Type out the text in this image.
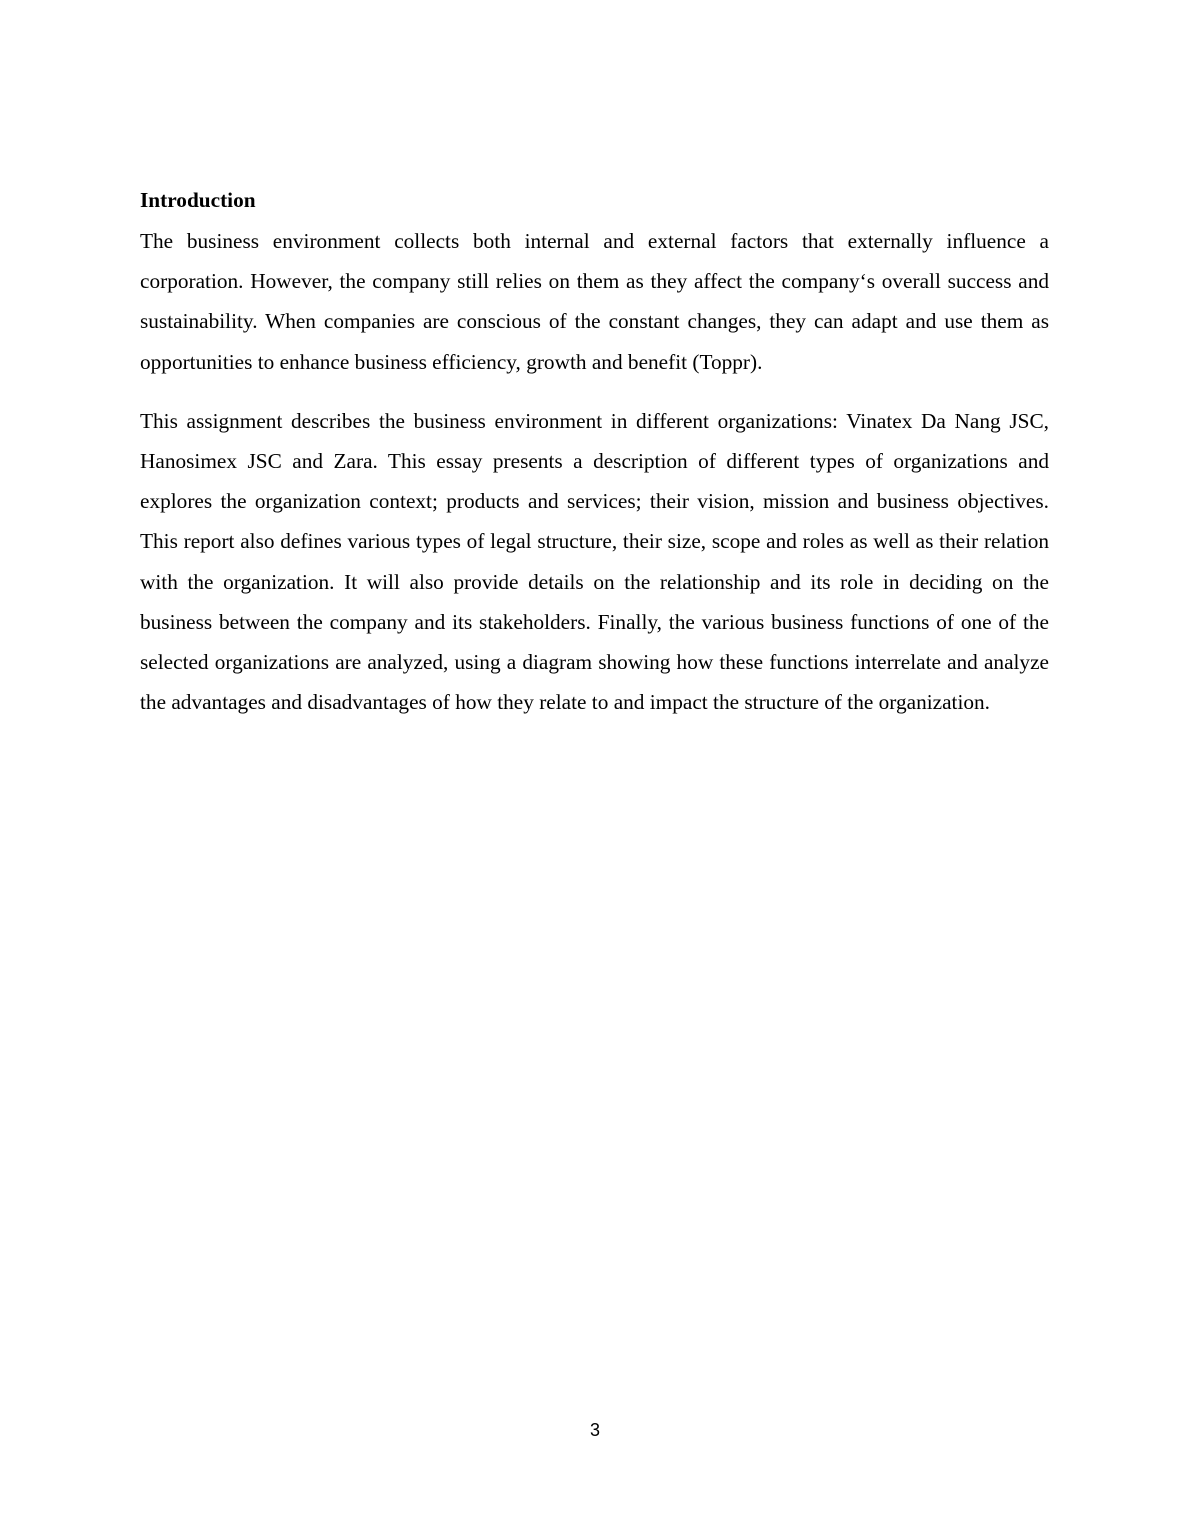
Introduction

The business environment collects both internal and external factors that externally influence a corporation. However, the company still relies on them as they affect the company‘s overall success and sustainability. When companies are conscious of the constant changes, they can adapt and use them as opportunities to enhance business efficiency, growth and benefit (Toppr).

This assignment describes the business environment in different organizations: Vinatex Da Nang JSC, Hanosimex JSC and Zara. This essay presents a description of different types of organizations and explores the organization context; products and services; their vision, mission and business objectives. This report also defines various types of legal structure, their size, scope and roles as well as their relation with the organization. It will also provide details on the relationship and its role in deciding on the business between the company and its stakeholders. Finally, the various business functions of one of the selected organizations are analyzed, using a diagram showing how these functions interrelate and analyze the advantages and disadvantages of how they relate to and impact the structure of the organization.

3
